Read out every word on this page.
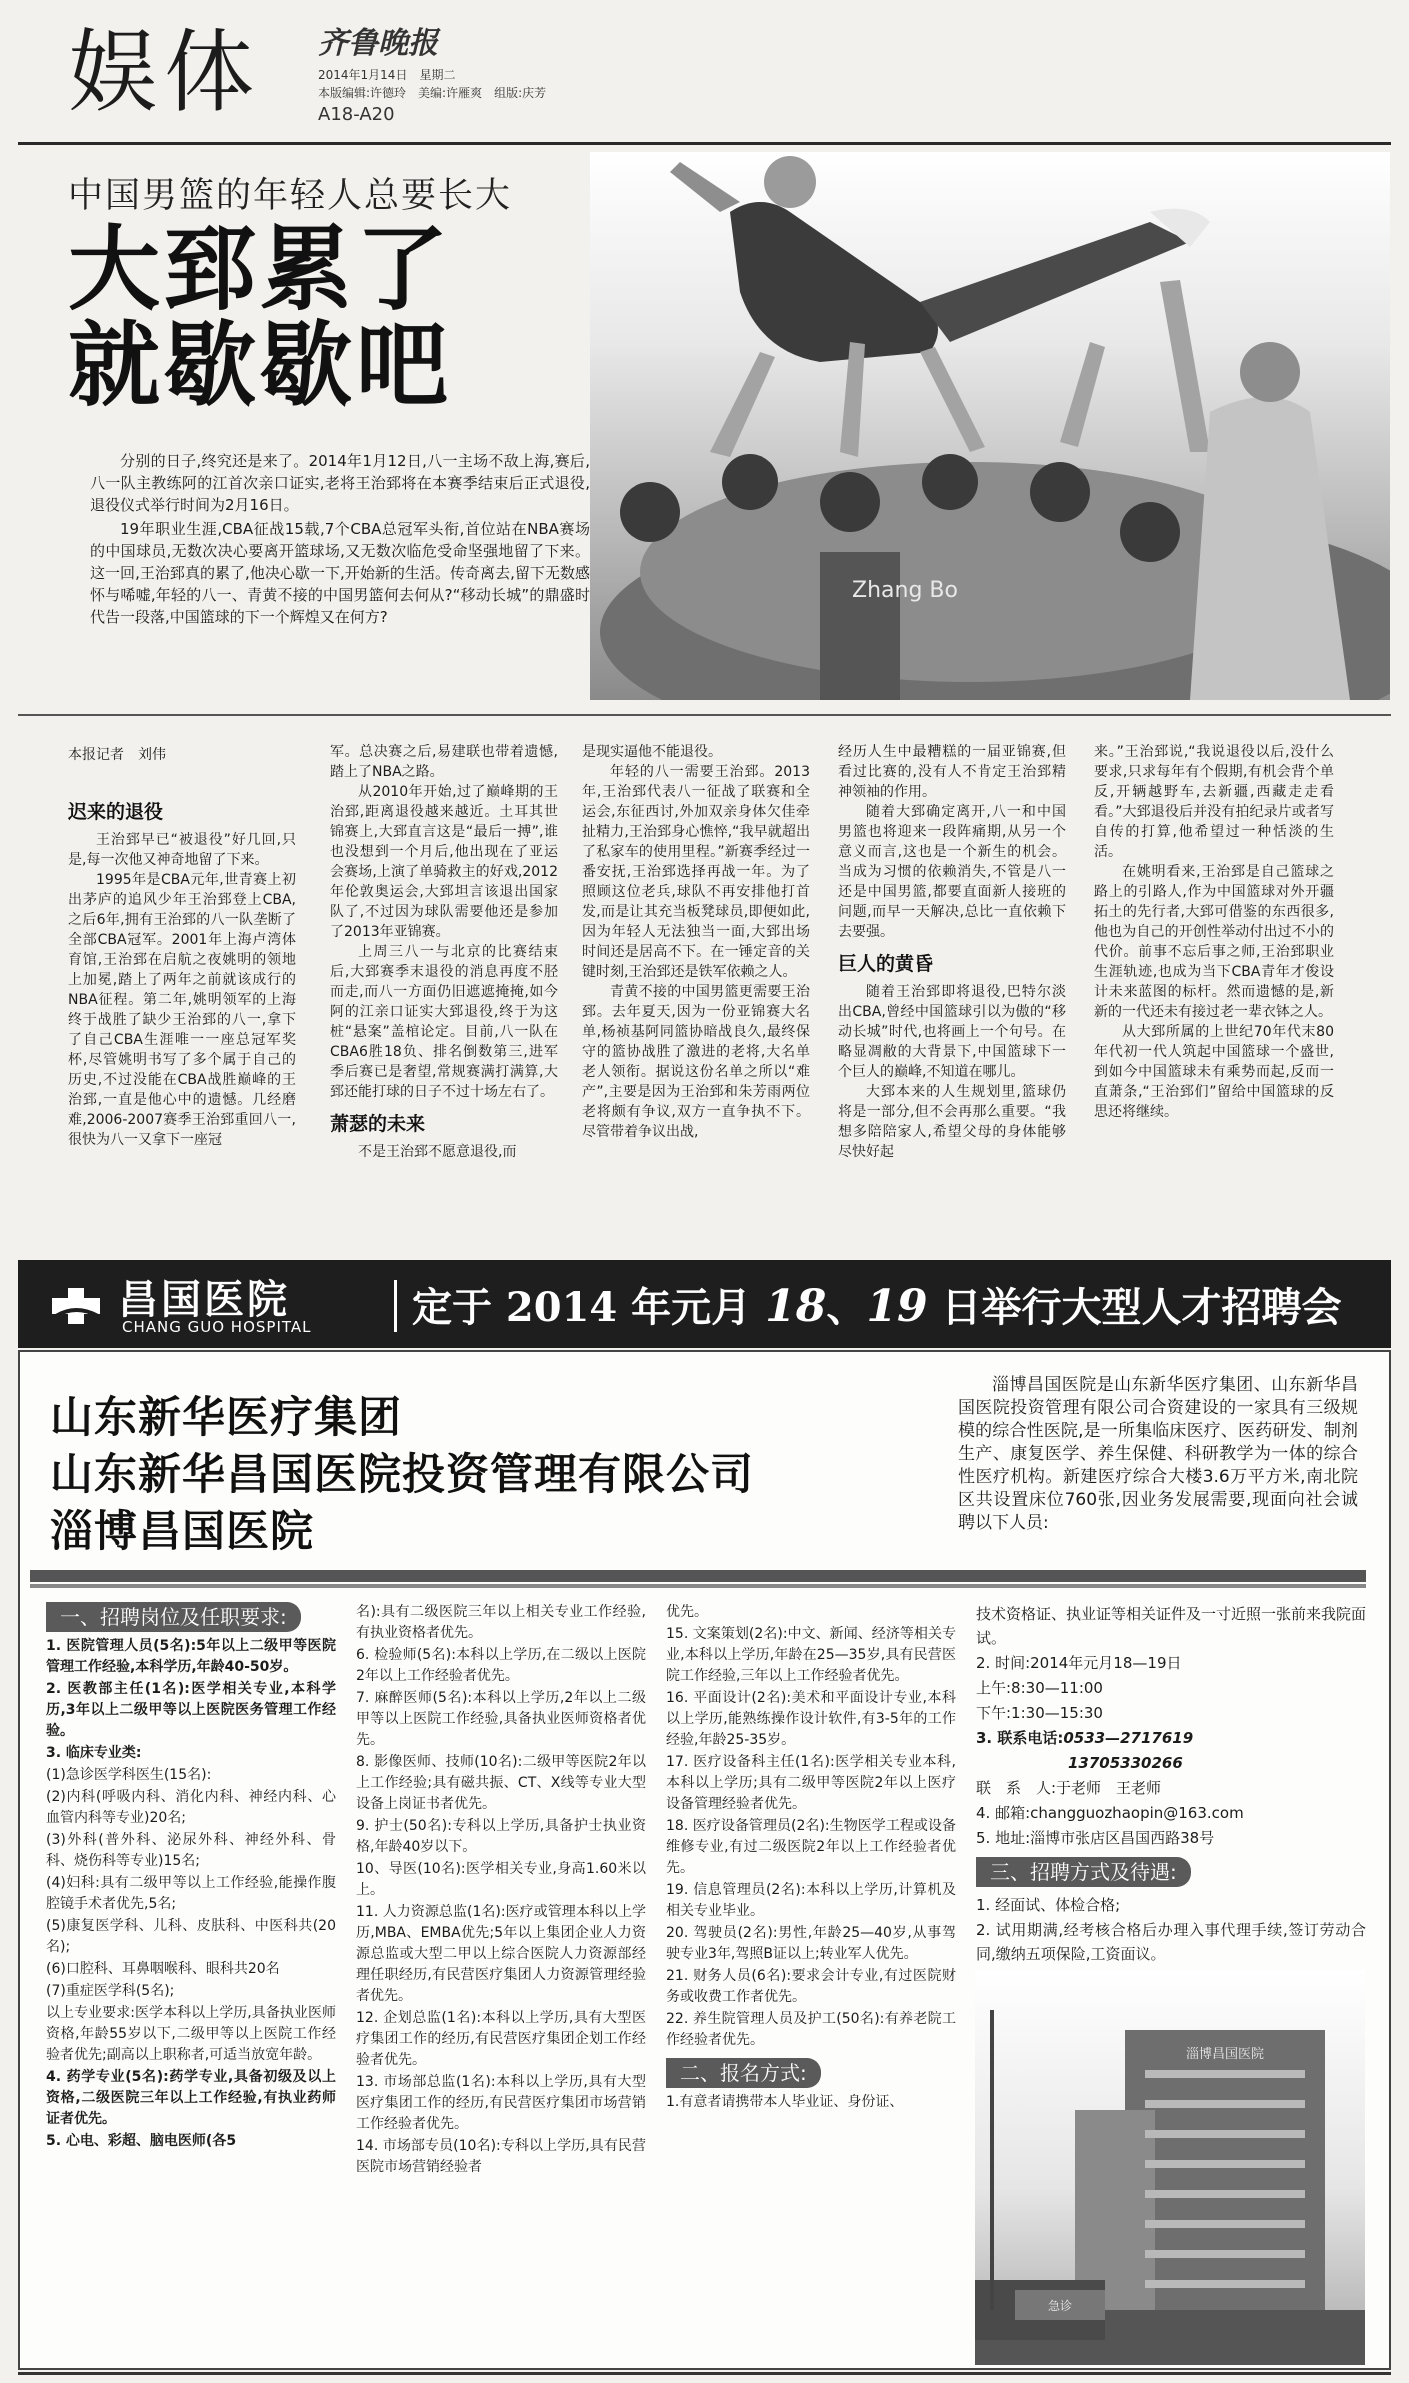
娱体 齐鲁晚报
2014年1月14日　星期二
本版编辑:许德玲　美编:许雁爽　组版:庆芳
A18-A20
Zhang Bo
中国男篮的年轻人总要长大
大郅累了
就歇歇吧

分别的日子,终究还是来了。2014年1月12日,八一主场不敌上海,赛后,八一队主教练阿的江首次亲口证实,老将王治郅将在本赛季结束后正式退役,退役仪式举行时间为2月16日。

19年职业生涯,CBA征战15载,7个CBA总冠军头衔,首位站在NBA赛场的中国球员,无数次决心要离开篮球场,又无数次临危受命坚强地留了下来。这一回,王治郅真的累了,他决心歇一下,开始新的生活。传奇离去,留下无数感怀与唏嘘,年轻的八一、青黄不接的中国男篮何去何从?“移动长城”的鼎盛时代告一段落,中国篮球的下一个辉煌又在何方?

本报记者　刘伟

迟来的退役

王治郅早已“被退役”好几回,只是,每一次他又神奇地留了下来。

1995年是CBA元年,世青赛上初出茅庐的追风少年王治郅登上CBA,之后6年,拥有王治郅的八一队垄断了全部CBA冠军。2001年上海卢湾体育馆,王治郅在启航之夜姚明的领地上加冕,踏上了两年之前就该成行的NBA征程。第二年,姚明领军的上海终于战胜了缺少王治郅的八一,拿下了自己CBA生涯唯一一座总冠军奖杯,尽管姚明书写了多个属于自己的历史,不过没能在CBA战胜巅峰的王治郅,一直是他心中的遗憾。几经磨难,2006-2007赛季王治郅重回八一,很快为八一又拿下一座冠

军。总决赛之后,易建联也带着遗憾,踏上了NBA之路。

从2010年开始,过了巅峰期的王治郅,距离退役越来越近。土耳其世锦赛上,大郅直言这是“最后一搏”,谁也没想到一个月后,他出现在了亚运会赛场,上演了单骑救主的好戏,2012年伦敦奥运会,大郅坦言该退出国家队了,不过因为球队需要他还是参加了2013年亚锦赛。

上周三八一与北京的比赛结束后,大郅赛季末退役的消息再度不胫而走,而八一方面仍旧遮遮掩掩,如今阿的江亲口证实大郅退役,终于为这桩“悬案”盖棺论定。目前,八一队在CBA6胜18负、排名倒数第三,进军季后赛已是奢望,常规赛满打满算,大郅还能打球的日子不过十场左右了。

萧瑟的未来

不是王治郅不愿意退役,而

是现实逼他不能退役。

年轻的八一需要王治郅。2013年,王治郅代表八一征战了联赛和全运会,东征西讨,外加双亲身体欠佳牵扯精力,王治郅身心憔悴,“我早就超出了私家车的使用里程。”新赛季经过一番安抚,王治郅选择再战一年。为了照顾这位老兵,球队不再安排他打首发,而是让其充当板凳球员,即便如此,因为年轻人无法独当一面,大郅出场时间还是居高不下。在一锤定音的关键时刻,王治郅还是铁军依赖之人。

青黄不接的中国男篮更需要王治郅。去年夏天,因为一份亚锦赛大名单,杨祯基阿同篮协暗战良久,最终保守的篮协战胜了激进的老将,大名单老人领衔。据说这份名单之所以“难产”,主要是因为王治郅和朱芳雨两位老将颇有争议,双方一直争执不下。尽管带着争议出战,

经历人生中最糟糕的一届亚锦赛,但看过比赛的,没有人不肯定王治郅精神领袖的作用。

随着大郅确定离开,八一和中国男篮也将迎来一段阵痛期,从另一个意义而言,这也是一个新生的机会。当成为习惯的依赖消失,不管是八一还是中国男篮,都要直面新人接班的问题,而早一天解决,总比一直依赖下去要强。

巨人的黄昏

随着王治郅即将退役,巴特尔淡出CBA,曾经中国篮球引以为傲的“移动长城”时代,也将画上一个句号。在略显凋敝的大背景下,中国篮球下一个巨人的巅峰,不知道在哪儿。

大郅本来的人生规划里,篮球仍将是一部分,但不会再那么重要。“我想多陪陪家人,希望父母的身体能够尽快好起

来。”王治郅说,“我说退役以后,没什么要求,只求每年有个假期,有机会背个单反,开辆越野车,去新疆,西藏走走看看。”大郅退役后并没有拍纪录片或者写自传的打算,他希望过一种恬淡的生活。

在姚明看来,王治郅是自己篮球之路上的引路人,作为中国篮球对外开疆拓土的先行者,大郅可借鉴的东西很多,他也为自己的开创性举动付出过不小的代价。前事不忘后事之师,王治郅职业生涯轨迹,也成为当下CBA青年才俊设计未来蓝图的标杆。然而遗憾的是,新新的一代还未有接过老一辈衣钵之人。

从大郅所属的上世纪70年代末80年代初一代人筑起中国篮球一个盛世,到如今中国篮球未有乘势而起,反而一直萧条,“王治郅们”留给中国篮球的反思还将继续。

昌国医院
CHANG GUO HOSPITAL	定于 2014 年元月 18、19 日举行大型人才招聘会
山东新华医疗集团
山东新华昌国医院投资管理有限公司
淄博昌国医院
淄博昌国医院是山东新华医疗集团、山东新华昌国医院投资管理有限公司合资建设的一家具有三级规模的综合性医院,是一所集临床医疗、医药研发、制剂生产、康复医学、养生保健、科研教学为一体的综合性医疗机构。新建医疗综合大楼3.6万平方米,南北院区共设置床位760张,因业务发展需要,现面向社会诚聘以下人员:
一、招聘岗位及任职要求:

1. 医院管理人员(5名):5年以上二级甲等医院管理工作经验,本科学历,年龄40-50岁。

2. 医教部主任(1名):医学相关专业,本科学历,3年以上二级甲等以上医院医务管理工作经验。

3. 临床专业类:

(1)急诊医学科医生(15名):

(2)内科(呼吸内科、消化内科、神经内科、心血管内科等专业)20名;

(3)外科(普外科、泌尿外科、神经外科、骨科、烧伤科等专业)15名;

(4)妇科:具有二级甲等以上工作经验,能操作腹腔镜手术者优先,5名;

(5)康复医学科、儿科、皮肤科、中医科共(20名);

(6)口腔科、耳鼻咽喉科、眼科共20名

(7)重症医学科(5名);

以上专业要求:医学本科以上学历,具备执业医师资格,年龄55岁以下,二级甲等以上医院工作经验者优先;副高以上职称者,可适当放宽年龄。

4. 药学专业(5名):药学专业,具备初级及以上资格,二级医院三年以上工作经验,有执业药师证者优先。

5. 心电、彩超、脑电医师(各5

名):具有二级医院三年以上相关专业工作经验,有执业资格者优先。

6. 检验师(5名):本科以上学历,在二级以上医院2年以上工作经验者优先。

7. 麻醉医师(5名):本科以上学历,2年以上二级甲等以上医院工作经验,具备执业医师资格者优先。

8. 影像医师、技师(10名):二级甲等医院2年以上工作经验;具有磁共振、CT、X线等专业大型设备上岗证书者优先。

9. 护士(50名):专科以上学历,具备护士执业资格,年龄40岁以下。

10、导医(10名):医学相关专业,身高1.60米以上。

11. 人力资源总监(1名):医疗或管理本科以上学历,MBA、EMBA优先;5年以上集团企业人力资源总监或大型二甲以上综合医院人力资源部经理任职经历,有民营医疗集团人力资源管理经验者优先。

12. 企划总监(1名):本科以上学历,具有大型医疗集团工作的经历,有民营医疗集团企划工作经验者优先。

13. 市场部总监(1名):本科以上学历,具有大型医疗集团工作的经历,有民营医疗集团市场营销工作经验者优先。

14. 市场部专员(10名):专科以上学历,具有民营医院市场营销经验者

优先。

15. 文案策划(2名):中文、新闻、经济等相关专业,本科以上学历,年龄在25—35岁,具有民营医院工作经验,三年以上工作经验者优先。

16. 平面设计(2名):美术和平面设计专业,本科以上学历,能熟练操作设计软件,有3-5年的工作经验,年龄25-35岁。

17. 医疗设备科主任(1名):医学相关专业本科,本科以上学历;具有二级甲等医院2年以上医疗设备管理经验者优先。

18. 医疗设备管理员(2名):生物医学工程或设备维修专业,有过二级医院2年以上工作经验者优先。

19. 信息管理员(2名):本科以上学历,计算机及相关专业毕业。

20. 驾驶员(2名):男性,年龄25—40岁,从事驾驶专业3年,驾照B证以上;转业军人优先。

21. 财务人员(6名):要求会计专业,有过医院财务或收费工作者优先。

22. 养生院管理人员及护工(50名):有养老院工作经验者优先。

二、报名方式:

1.有意者请携带本人毕业证、身份证、

技术资格证、执业证等相关证件及一寸近照一张前来我院面试。

2. 时间:2014年元月18—19日

上午:8:30—11:00

下午:1:30—15:30

3. 联系电话:0533—2717619

13705330266

联　系　人:于老师　王老师

4. 邮箱:changguozhaopin@163.com

5. 地址:淄博市张店区昌国西路38号

三、招聘方式及待遇:

1. 经面试、体检合格;

2. 试用期满,经考核合格后办理入事代理手续,签订劳动合同,缴纳五项保险,工资面议。

淄博昌国医院
急诊
